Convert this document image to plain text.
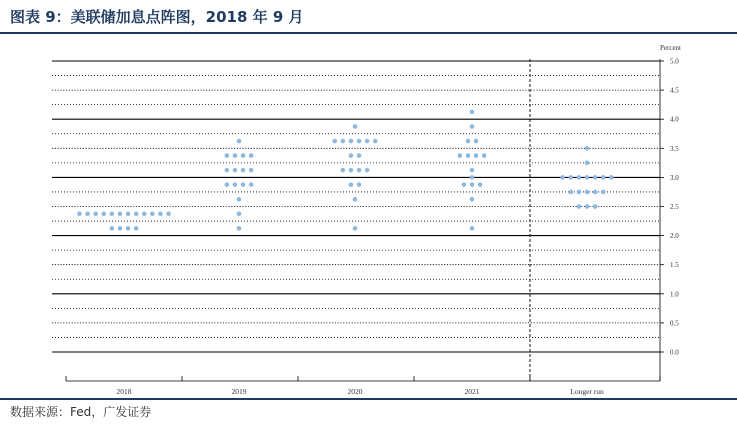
图表 9：美联储加息点阵图，2018 年 9 月
5.0
4.5
4.0
3.5
3.0
2.5
2.0
1.5
1.0
0.5
0.0
2018	2019	2020	2021	Longer run
Percent
数据来源：Fed，广发证券
